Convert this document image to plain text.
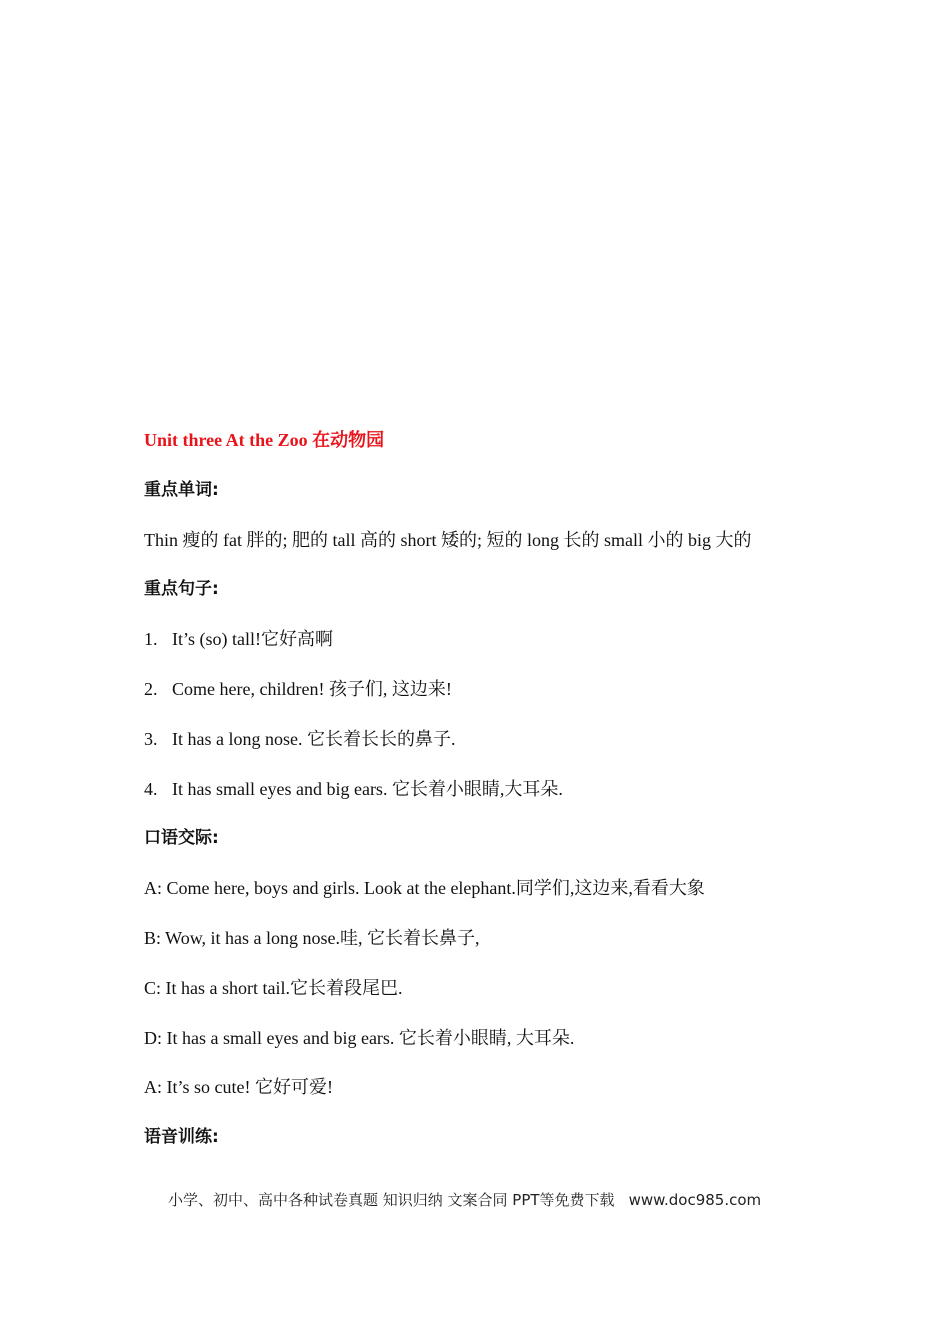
Unit three At the Zoo 在动物园
重点单词:
Thin 瘦的 fat 胖的; 肥的 tall 高的 short 矮的; 短的 long 长的 small 小的 big 大的
重点句子:
1. It’s (so) tall!它好高啊
2. Come here, children! 孩子们, 这边来!
3. It has a long nose. 它长着长长的鼻子.
4. It has small eyes and big ears. 它长着小眼睛,大耳朵.
口语交际:
A: Come here, boys and girls. Look at the elephant.同学们,这边来,看看大象
B: Wow, it has a long nose.哇, 它长着长鼻子,
C: It has a short tail.它长着段尾巴.
D: It has a small eyes and big ears. 它长着小眼睛, 大耳朵.
A: It’s so cute! 它好可爱!
语音训练:
小学、初中、高中各种试卷真题 知识归纳 文案合同 PPT等免费下载 www.doc985.com
